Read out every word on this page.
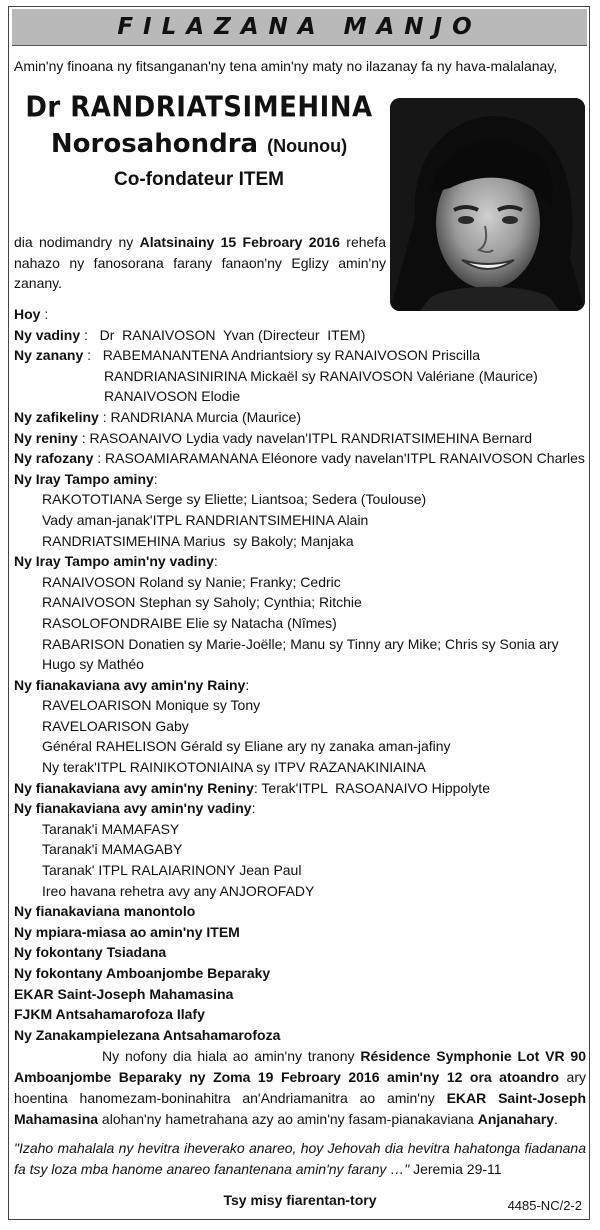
FILAZANA MANJO
Amin'ny finoana ny fitsanganan'ny tena amin'ny maty no ilazanay fa ny hava-malalanay,
Dr RANDRIATSIMEHINA
Norosahondra (Nounou)
Co-fondateur ITEM
dia nodimandry ny Alatsinainy 15 Febroary 2016 rehefa nahazo ny fanosorana farany fanaon'ny Eglizy amin'ny zanany.
Hoy :
Ny vadiny :   Dr  RANAIVOSON  Yvan (Directeur  ITEM)
Ny zanany :   RABEMANANTENA Andriantsiory sy RANAIVOSON Priscilla
RANDRIANASINIRINA Mickaël sy RANAIVOSON Valériane (Maurice)
RANAIVOSON Elodie
Ny zafikeliny : RANDRIANA Murcia (Maurice)
Ny reniny : RASOANAIVO Lydia vady navelan'ITPL RANDRIATSIMEHINA Bernard
Ny rafozany : RASOAMIARAMANANA Eléonore vady navelan'ITPL RANAIVOSON Charles
Ny Iray Tampo aminy:
RAKOTOTIANA Serge sy Eliette; Liantsoa; Sedera (Toulouse)
Vady aman-janak'ITPL RANDRIANTSIMEHINA Alain
RANDRIATSIMEHINA Marius  sy Bakoly; Manjaka
Ny Iray Tampo amin'ny vadiny:
RANAIVOSON Roland sy Nanie; Franky; Cedric
RANAIVOSON Stephan sy Saholy; Cynthia; Ritchie
RASOLOFONDRAIBE Elie sy Natacha (Nîmes)
RABARISON Donatien sy Marie-Joëlle; Manu sy Tinny ary Mike; Chris sy Sonia ary
Hugo sy Mathéo
Ny fianakaviana avy amin'ny Rainy:
RAVELOARISON Monique sy Tony
RAVELOARISON Gaby
Général RAHELISON Gérald sy Eliane ary ny zanaka aman-jafiny
Ny terak'ITPL RAINIKOTONIAINA sy ITPV RAZANAKINIAINA
Ny fianakaviana avy amin'ny Reniny: Terak'ITPL  RASOANAIVO Hippolyte
Ny fianakaviana avy amin'ny vadiny:
Taranak'i MAMAFASY
Taranak'i MAMAGABY
Taranak' ITPL RALAIARINONY Jean Paul
Ireo havana rehetra avy any ANJOROFADY
Ny fianakaviana manontolo
Ny mpiara-miasa ao amin'ny ITEM
Ny fokontany Tsiadana
Ny fokontany Amboanjombe Beparaky
EKAR Saint-Joseph Mahamasina
FJKM Antsahamarofoza Ilafy
Ny Zanakampielezana Antsahamarofoza
Ny nofony dia hiala ao amin'ny tranony Résidence Symphonie Lot VR 90 Amboanjombe Beparaky ny Zoma 19 Febroary 2016 amin'ny 12 ora atoandro ary hoentina hanomezam-boninahitra an'Andriamanitra ao amin'ny EKAR Saint-Joseph Mahamasina alohan'ny hametrahana azy ao amin'ny fasam-pianakaviana Anjanahary.
"Izaho mahalala ny hevitra iheverako anareo, hoy Jehovah dia hevitra hahatonga fiadanana fa tsy loza mba hanome anareo fanantenana amin'ny farany …" Jeremia 29-11
Tsy misy fiarentan-tory	4485-NC/2-2
